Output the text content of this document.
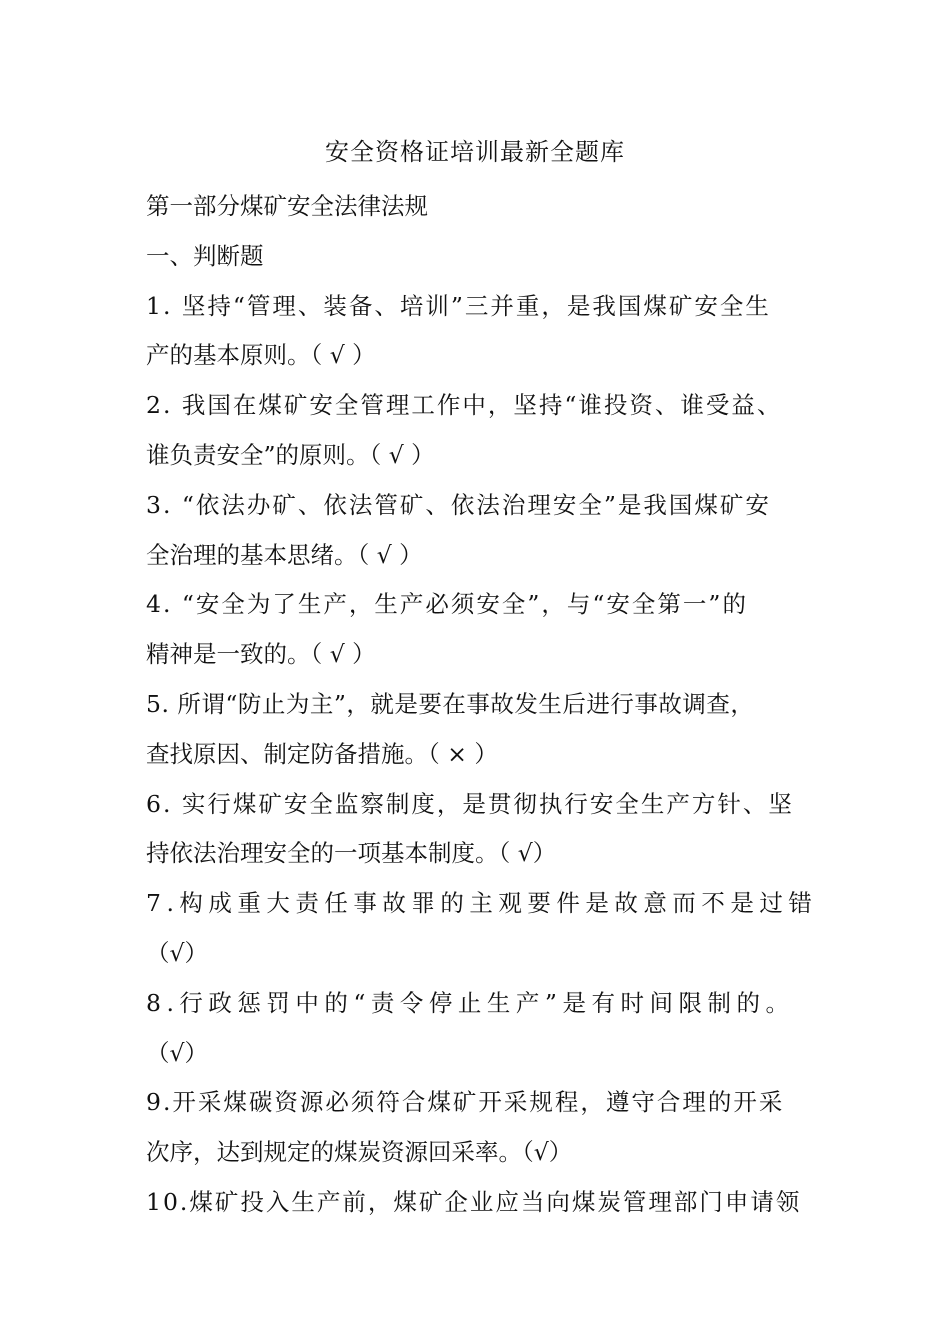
安全资格证培训最新全题库
第一部分煤矿安全法律法规
一、判断题
1. 坚持“管理、装备、培训”三并重，是我国煤矿安全生
产的基本原则。（ √ ）
2. 我国在煤矿安全管理工作中，坚持“谁投资、谁受益、
谁负责安全”的原则。（ √ ）
3. “依法办矿、依法管矿、依法治理安全”是我国煤矿安
全治理的基本思绪。（ √ ）
4. “安全为了生产，生产必须安全”，与“安全第一”的
精神是一致的。（ √ ）
5. 所谓“防止为主”，就是要在事故发生后进行事故调查，
查找原因、制定防备措施。（ × ）
6. 实行煤矿安全监察制度，是贯彻执行安全生产方针、坚
持依法治理安全的一项基本制度。（ √）
7.构成重大责任事故罪的主观要件是故意而不是过错
（√）
8.行政惩罚中的“责令停止生产”是有时间限制的。
（√）
9.开采煤碳资源必须符合煤矿开采规程，遵守合理的开采
次序，达到规定的煤炭资源回采率。（√）
10.煤矿投入生产前，煤矿企业应当向煤炭管理部门申请领
